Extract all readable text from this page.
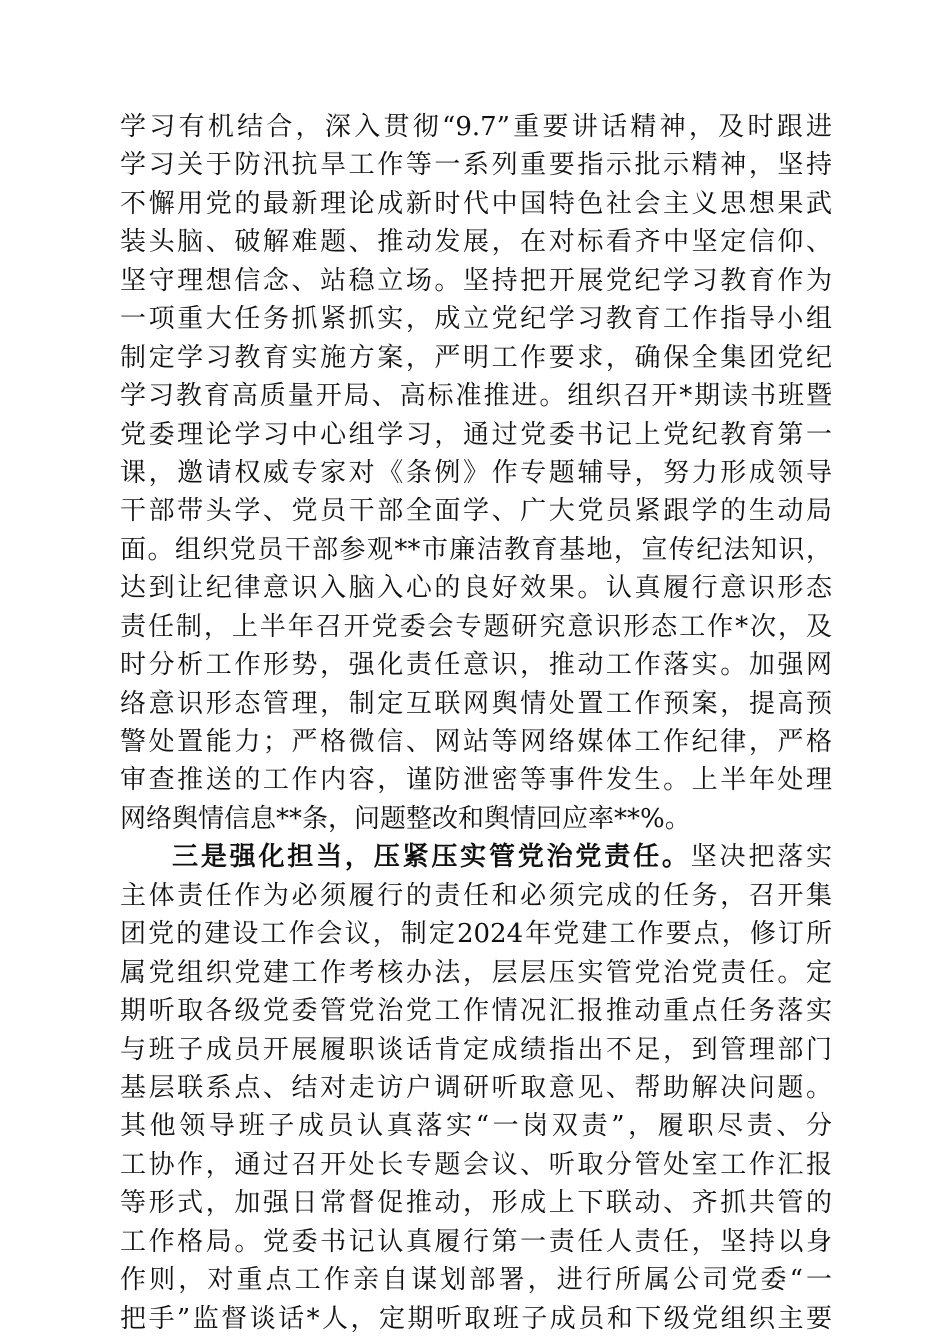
学习有机结合，深入贯彻“9.7”重要讲话精神，及时跟进
学习关于防汛抗旱工作等一系列重要指示批示精神，坚持
不懈用党的最新理论成新时代中国特色社会主义思想果武
装头脑、破解难题、推动发展，在对标看齐中坚定信仰、
坚守理想信念、站稳立场。坚持把开展党纪学习教育作为
一项重大任务抓紧抓实，成立党纪学习教育工作指导小组
制定学习教育实施方案，严明工作要求，确保全集团党纪
学习教育高质量开局、高标准推进。组织召开*期读书班暨
党委理论学习中心组学习，通过党委书记上党纪教育第一
课，邀请权威专家对《条例》作专题辅导，努力形成领导
干部带头学、党员干部全面学、广大党员紧跟学的生动局
面。组织党员干部参观**市廉洁教育基地，宣传纪法知识，
达到让纪律意识入脑入心的良好效果。认真履行意识形态
责任制，上半年召开党委会专题研究意识形态工作*次，及
时分析工作形势，强化责任意识，推动工作落实。加强网
络意识形态管理，制定互联网舆情处置工作预案，提高预
警处置能力；严格微信、网站等网络媒体工作纪律，严格
审查推送的工作内容，谨防泄密等事件发生。上半年处理
网络舆情信息**条，问题整改和舆情回应率**%。
三是强化担当，压紧压实管党治党责任。坚决把落实
主体责任作为必须履行的责任和必须完成的任务，召开集
团党的建设工作会议，制定2024年党建工作要点，修订所
属党组织党建工作考核办法，层层压实管党治党责任。定
期听取各级党委管党治党工作情况汇报推动重点任务落实
与班子成员开展履职谈话肯定成绩指出不足，到管理部门
基层联系点、结对走访户调研听取意见、帮助解决问题。
其他领导班子成员认真落实“一岗双责”，履职尽责、分
工协作，通过召开处长专题会议、听取分管处室工作汇报
等形式，加强日常督促推动，形成上下联动、齐抓共管的
工作格局。党委书记认真履行第一责任人责任，坚持以身
作则，对重点工作亲自谋划部署，进行所属公司党委“一
把手”监督谈话*人，定期听取班子成员和下级党组织主要
